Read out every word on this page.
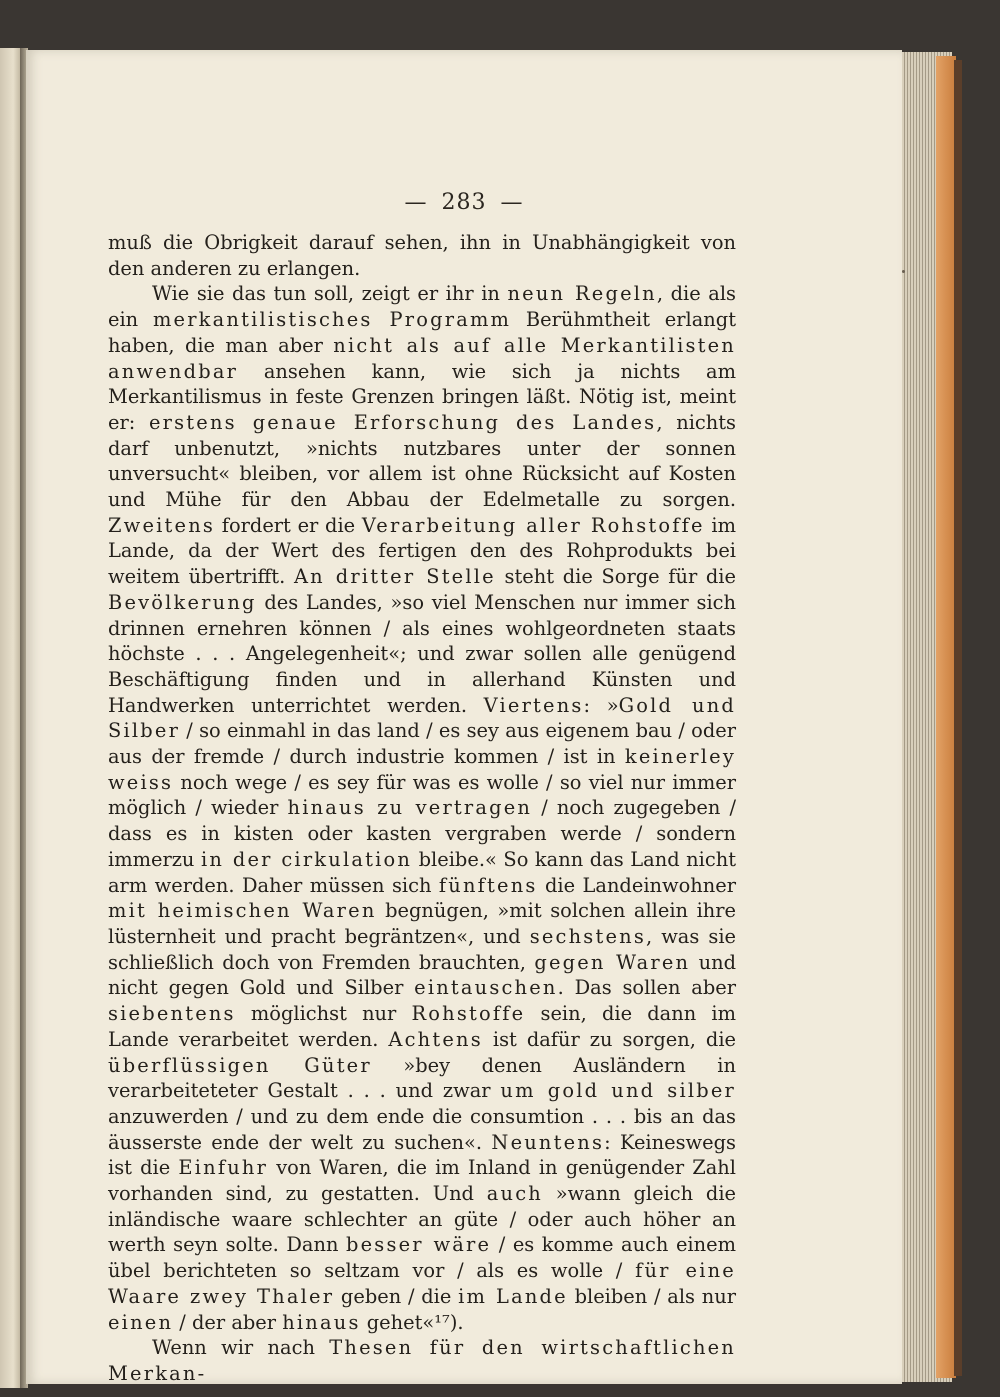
— 283 —

muß die Obrigkeit darauf sehen, ihn in Unabhängigkeit von den anderen zu erlangen.

Wie sie das tun soll, zeigt er ihr in neun Regeln, die als ein merkantilistisches Programm Berühmtheit erlangt haben, die man aber nicht als auf alle Merkantilisten anwendbar ansehen kann, wie sich ja nichts am Merkantilismus in feste Grenzen bringen läßt. Nötig ist, meint er: erstens genaue Erforschung des Landes, nichts darf unbenutzt, »nichts nutzbares unter der sonnen unversucht« bleiben, vor allem ist ohne Rücksicht auf Kosten und Mühe für den Abbau der Edelmetalle zu sorgen. Zweitens fordert er die Verarbeitung aller Rohstoffe im Lande, da der Wert des fertigen den des Rohprodukts bei weitem übertrifft. An dritter Stelle steht die Sorge für die Bevölkerung des Landes, »so viel Menschen nur immer sich drinnen ernehren können / als eines wohlgeordneten staats höchste . . . Angelegenheit«; und zwar sollen alle genügend Beschäftigung finden und in allerhand Künsten und Handwerken unterrichtet werden. Viertens: »Gold und Silber / so einmahl in das land / es sey aus eigenem bau / oder aus der fremde / durch industrie kommen / ist in keinerley weiss noch wege / es sey für was es wolle / so viel nur immer möglich / wieder hinaus zu vertragen / noch zugegeben / dass es in kisten oder kasten vergraben werde / sondern immerzu in der cirkulation bleibe.« So kann das Land nicht arm werden. Daher müssen sich fünftens die Landeinwohner mit heimischen Waren begnügen, »mit solchen allein ihre lüsternheit und pracht begräntzen«, und sechstens, was sie schließlich doch von Fremden brauchten, gegen Waren und nicht gegen Gold und Silber eintauschen. Das sollen aber siebentens möglichst nur Rohstoffe sein, die dann im Lande verarbeitet werden. Achtens ist dafür zu sorgen, die überflüssigen Güter »bey denen Ausländern in verarbeiteteter Gestalt . . . und zwar um gold und silber anzuwerden / und zu dem ende die consumtion . . . bis an das äusserste ende der welt zu suchen«. Neuntens: Keineswegs ist die Einfuhr von Waren, die im Inland in genügender Zahl vorhanden sind, zu gestatten. Und auch »wann gleich die inländische waare schlechter an güte / oder auch höher an werth seyn solte. Dann besser wäre / es komme auch einem übel berichteten so seltzam vor / als es wolle / für eine Waare zwey Thaler geben / die im Lande bleiben / als nur einen / der aber hinaus gehet«¹⁷).

Wenn wir nach Thesen für den wirtschaftlichen Merkan-
